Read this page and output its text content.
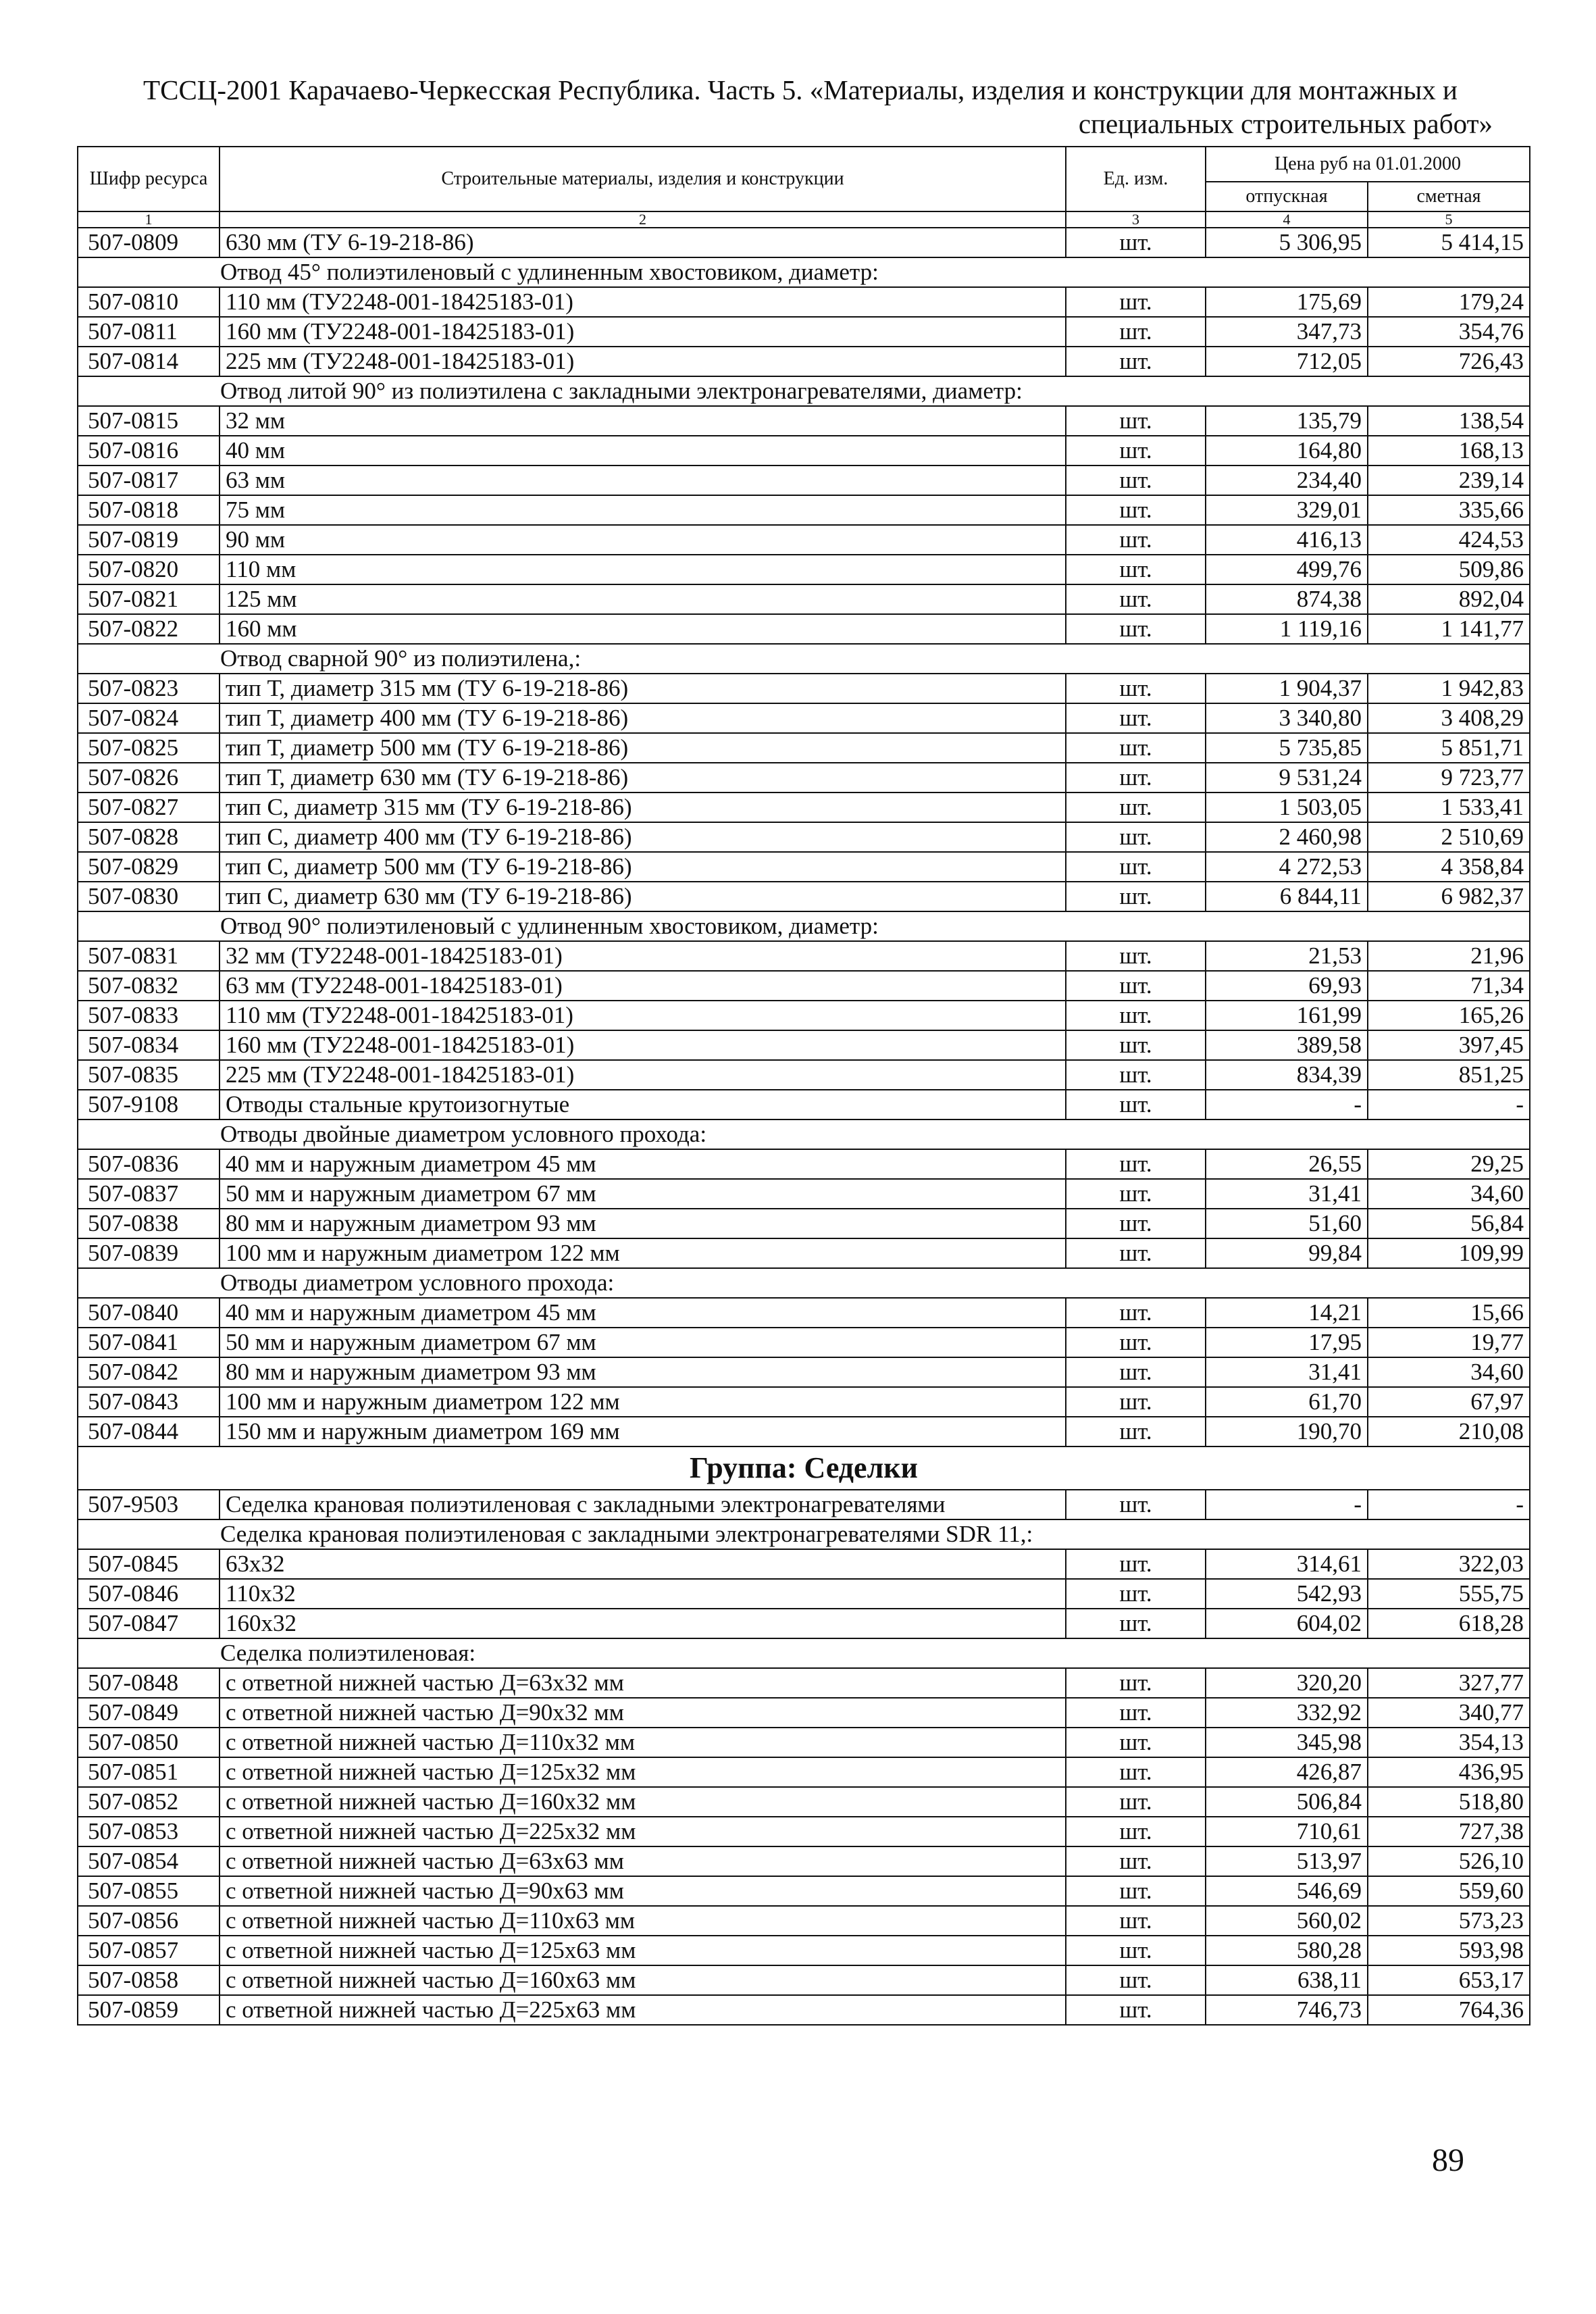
ТССЦ-2001 Карачаево-Черкесская Республика. Часть 5. «Материалы, изделия и конструкции для монтажных и
специальных строительных работ»
Шифр ресурса	Строительные материалы, изделия и конструкции	Ед. изм.	Цена руб на 01.01.2000	
			отпускная	сметная
1	2	3	4	5
507-0809	630 мм (ТУ 6-19-218-86)	шт.	5 306,95	5 414,15
Отвод 45° полиэтиленовый с удлиненным хвостовиком, диаметр:				
507-0810	110 мм (ТУ2248-001-18425183-01)	шт.	175,69	179,24
507-0811	160 мм (ТУ2248-001-18425183-01)	шт.	347,73	354,76
507-0814	225 мм (ТУ2248-001-18425183-01)	шт.	712,05	726,43
Отвод литой 90° из полиэтилена с закладными электронагревателями, диаметр:				
507-0815	32 мм	шт.	135,79	138,54
507-0816	40 мм	шт.	164,80	168,13
507-0817	63 мм	шт.	234,40	239,14
507-0818	75 мм	шт.	329,01	335,66
507-0819	90 мм	шт.	416,13	424,53
507-0820	110 мм	шт.	499,76	509,86
507-0821	125 мм	шт.	874,38	892,04
507-0822	160 мм	шт.	1 119,16	1 141,77
Отвод сварной 90° из полиэтилена,:				
507-0823	тип Т, диаметр 315 мм (ТУ 6-19-218-86)	шт.	1 904,37	1 942,83
507-0824	тип Т, диаметр 400 мм (ТУ 6-19-218-86)	шт.	3 340,80	3 408,29
507-0825	тип Т, диаметр 500 мм (ТУ 6-19-218-86)	шт.	5 735,85	5 851,71
507-0826	тип Т, диаметр 630 мм (ТУ 6-19-218-86)	шт.	9 531,24	9 723,77
507-0827	тип С, диаметр 315 мм (ТУ 6-19-218-86)	шт.	1 503,05	1 533,41
507-0828	тип С, диаметр 400 мм (ТУ 6-19-218-86)	шт.	2 460,98	2 510,69
507-0829	тип С, диаметр 500 мм (ТУ 6-19-218-86)	шт.	4 272,53	4 358,84
507-0830	тип С, диаметр 630 мм (ТУ 6-19-218-86)	шт.	6 844,11	6 982,37
Отвод 90° полиэтиленовый с удлиненным хвостовиком, диаметр:				
507-0831	32 мм (ТУ2248-001-18425183-01)	шт.	21,53	21,96
507-0832	63 мм (ТУ2248-001-18425183-01)	шт.	69,93	71,34
507-0833	110 мм (ТУ2248-001-18425183-01)	шт.	161,99	165,26
507-0834	160 мм (ТУ2248-001-18425183-01)	шт.	389,58	397,45
507-0835	225 мм (ТУ2248-001-18425183-01)	шт.	834,39	851,25
507-9108	Отводы стальные крутоизогнутые	шт.	-	-
Отводы двойные диаметром условного прохода:				
507-0836	40 мм и наружным диаметром 45 мм	шт.	26,55	29,25
507-0837	50 мм и наружным диаметром 67 мм	шт.	31,41	34,60
507-0838	80 мм и наружным диаметром 93 мм	шт.	51,60	56,84
507-0839	100 мм и наружным диаметром 122 мм	шт.	99,84	109,99
Отводы диаметром условного прохода:				
507-0840	40 мм и наружным диаметром 45 мм	шт.	14,21	15,66
507-0841	50 мм и наружным диаметром 67 мм	шт.	17,95	19,77
507-0842	80 мм и наружным диаметром 93 мм	шт.	31,41	34,60
507-0843	100 мм и наружным диаметром 122 мм	шт.	61,70	67,97
507-0844	150 мм и наружным диаметром 169 мм	шт.	190,70	210,08
Группа: Седелки				
507-9503	Седелка крановая полиэтиленовая с закладными электронагревателями	шт.	-	-
Седелка крановая полиэтиленовая с закладными электронагревателями SDR 11,:				
507-0845	63х32	шт.	314,61	322,03
507-0846	110х32	шт.	542,93	555,75
507-0847	160х32	шт.	604,02	618,28
Седелка полиэтиленовая:				
507-0848	с ответной нижней частью Д=63х32 мм	шт.	320,20	327,77
507-0849	с ответной нижней частью Д=90х32 мм	шт.	332,92	340,77
507-0850	с ответной нижней частью Д=110х32 мм	шт.	345,98	354,13
507-0851	с ответной нижней частью Д=125х32 мм	шт.	426,87	436,95
507-0852	с ответной нижней частью Д=160х32 мм	шт.	506,84	518,80
507-0853	с ответной нижней частью Д=225х32 мм	шт.	710,61	727,38
507-0854	с ответной нижней частью Д=63х63 мм	шт.	513,97	526,10
507-0855	с ответной нижней частью Д=90х63 мм	шт.	546,69	559,60
507-0856	с ответной нижней частью Д=110х63 мм	шт.	560,02	573,23
507-0857	с ответной нижней частью Д=125х63 мм	шт.	580,28	593,98
507-0858	с ответной нижней частью Д=160х63 мм	шт.	638,11	653,17
507-0859	с ответной нижней частью Д=225х63 мм	шт.	746,73	764,36
89
